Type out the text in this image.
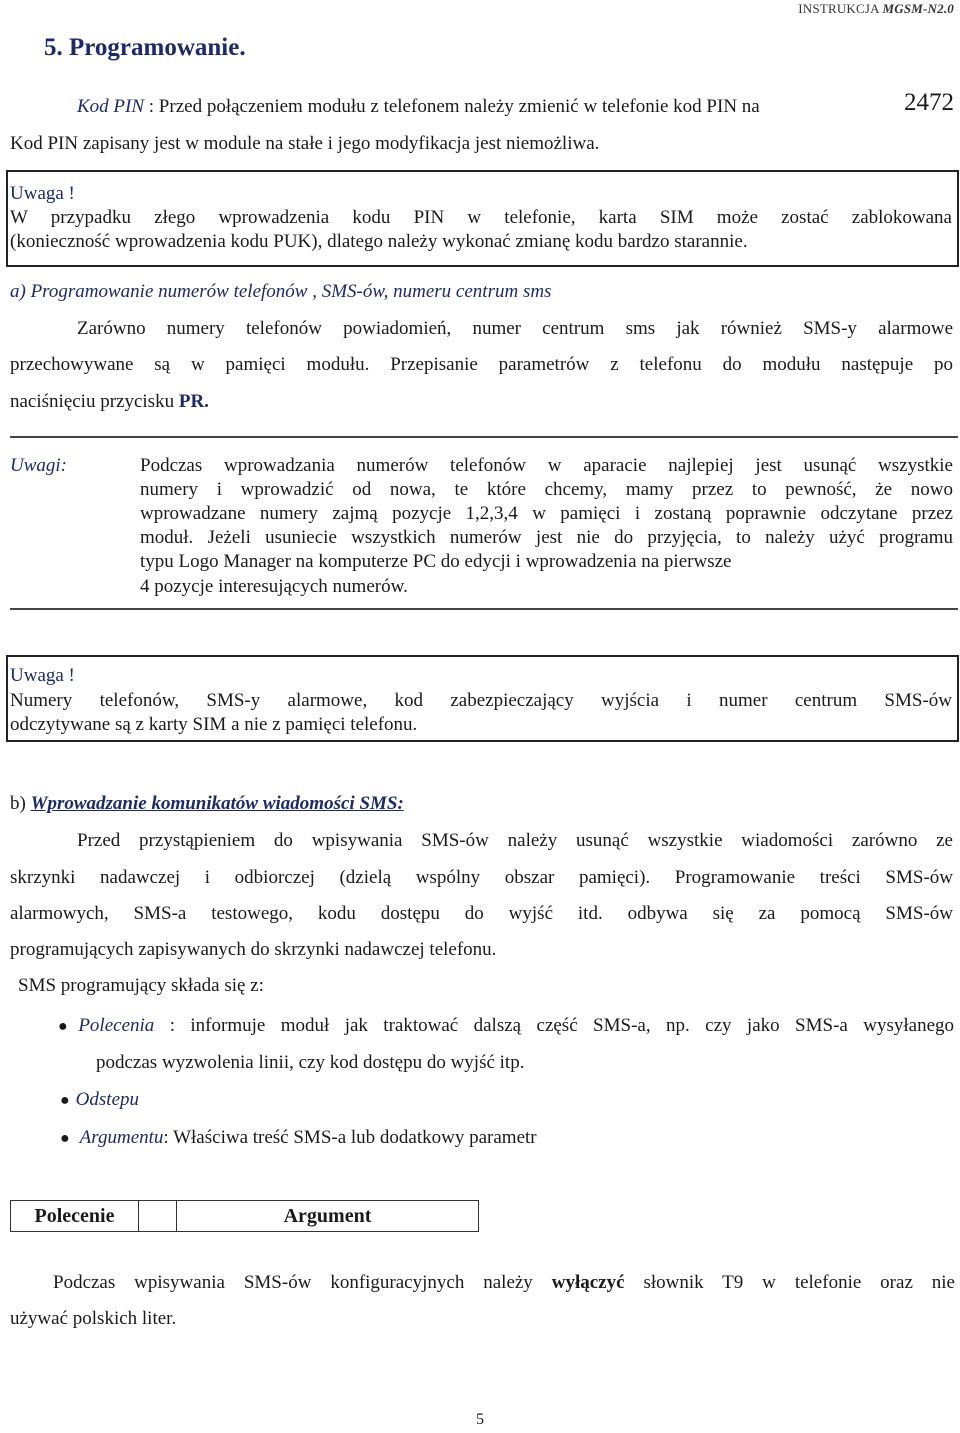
INSTRUKCJA MGSM-N2.0
5. Programowanie.
Kod PIN : Przed połączeniem modułu z telefonem należy zmienić w telefonie kod PIN na	2472
Kod PIN zapisany jest w module na stałe i jego modyfikacja jest niemożliwa.
Uwaga !
W przypadku złego wprowadzenia kodu PIN w telefonie, karta SIM może zostać zablokowana
(konieczność wprowadzenia kodu PUK), dlatego należy wykonać zmianę kodu bardzo starannie.
a) Programowanie numerów telefonów , SMS-ów, numeru centrum sms
Zarówno numery telefonów powiadomień, numer centrum sms jak również SMS-y alarmowe
przechowywane są w pamięci modułu. Przepisanie parametrów z telefonu do modułu następuje po
naciśnięciu przycisku PR.
Uwagi:	Podczas wprowadzania numerów telefonów w aparacie najlepiej jest usunąć wszystkie
numery i wprowadzić od nowa, te które chcemy, mamy przez to pewność, że nowo
wprowadzane numery zajmą pozycje 1,2,3,4 w pamięci i zostaną poprawnie odczytane przez
moduł. Jeżeli usuniecie wszystkich numerów jest nie do przyjęcia, to należy użyć programu
typu Logo Manager na komputerze PC do edycji i wprowadzenia na pierwsze
4 pozycje interesujących numerów.
Uwaga !
Numery telefonów, SMS-y alarmowe, kod zabezpieczający wyjścia i numer centrum SMS-ów
odczytywane są z karty SIM a nie z pamięci telefonu.
b) Wprowadzanie komunikatów wiadomości SMS:
Przed przystąpieniem do wpisywania SMS-ów należy usunąć wszystkie wiadomości zarówno ze
skrzynki nadawczej i odbiorczej (dzielą wspólny obszar pamięci). Programowanie treści SMS-ów
alarmowych, SMS-a testowego, kodu dostępu do wyjść itd. odbywa się za pomocą SMS-ów
programujących zapisywanych do skrzynki nadawczej telefonu.
SMS programujący składa się z:
●Polecenia : informuje moduł jak traktować dalszą część SMS-a, np. czy jako SMS-a wysyłanego
podczas wyzwolenia linii, czy kod dostępu do wyjść itp.
● Odstepu
● Argumentu: Właściwa treść SMS-a lub dodatkowy parametr
Polecenie	Argument
Podczas wpisywania SMS-ów konfiguracyjnych należy wyłączyć słownik T9 w telefonie oraz nie
używać polskich liter.
5
